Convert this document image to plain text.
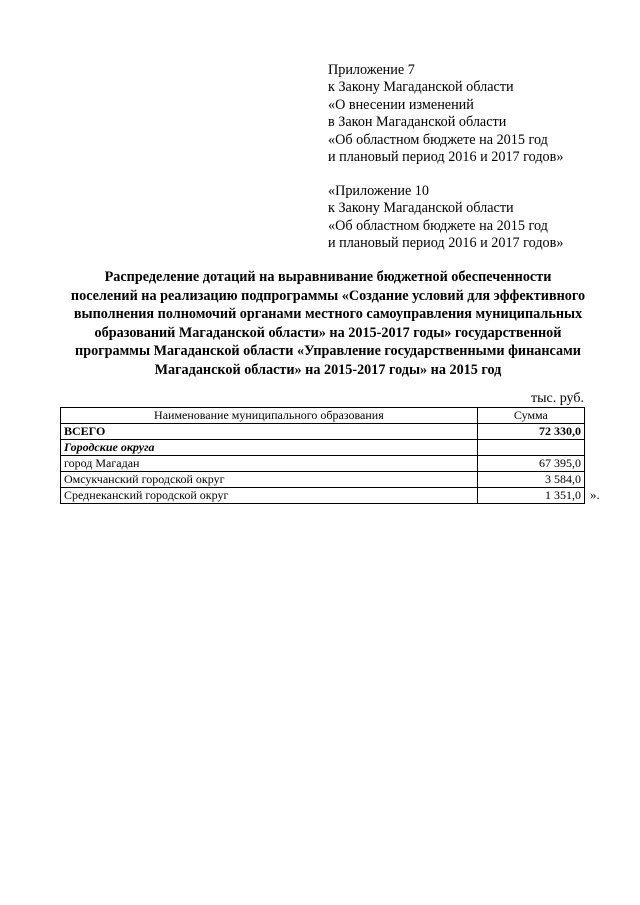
Приложение 7
к Закону Магаданской области
«О внесении изменений
в Закон Магаданской области
«Об областном бюджете на 2015 год
и плановый период 2016 и 2017 годов»
«Приложение 10
к Закону Магаданской области
«Об областном бюджете на 2015 год
и плановый период 2016 и 2017 годов»
Распределение дотаций на выравнивание бюджетной обеспеченности
поселений на реализацию подпрограммы «Создание условий для эффективного
выполнения полномочий органами местного самоуправления муниципальных
образований Магаданской области» на 2015-2017 годы» государственной
программы Магаданской области «Управление государственными финансами
Магаданской области» на 2015-2017 годы» на 2015 год
тыс. руб.
Наименование муниципального образования	Сумма
ВСЕГО	72 330,0
Городские округа	
город Магадан	67 395,0
Омсукчанский городской округ	3 584,0
Среднеканский городской округ	1 351,0 ».
